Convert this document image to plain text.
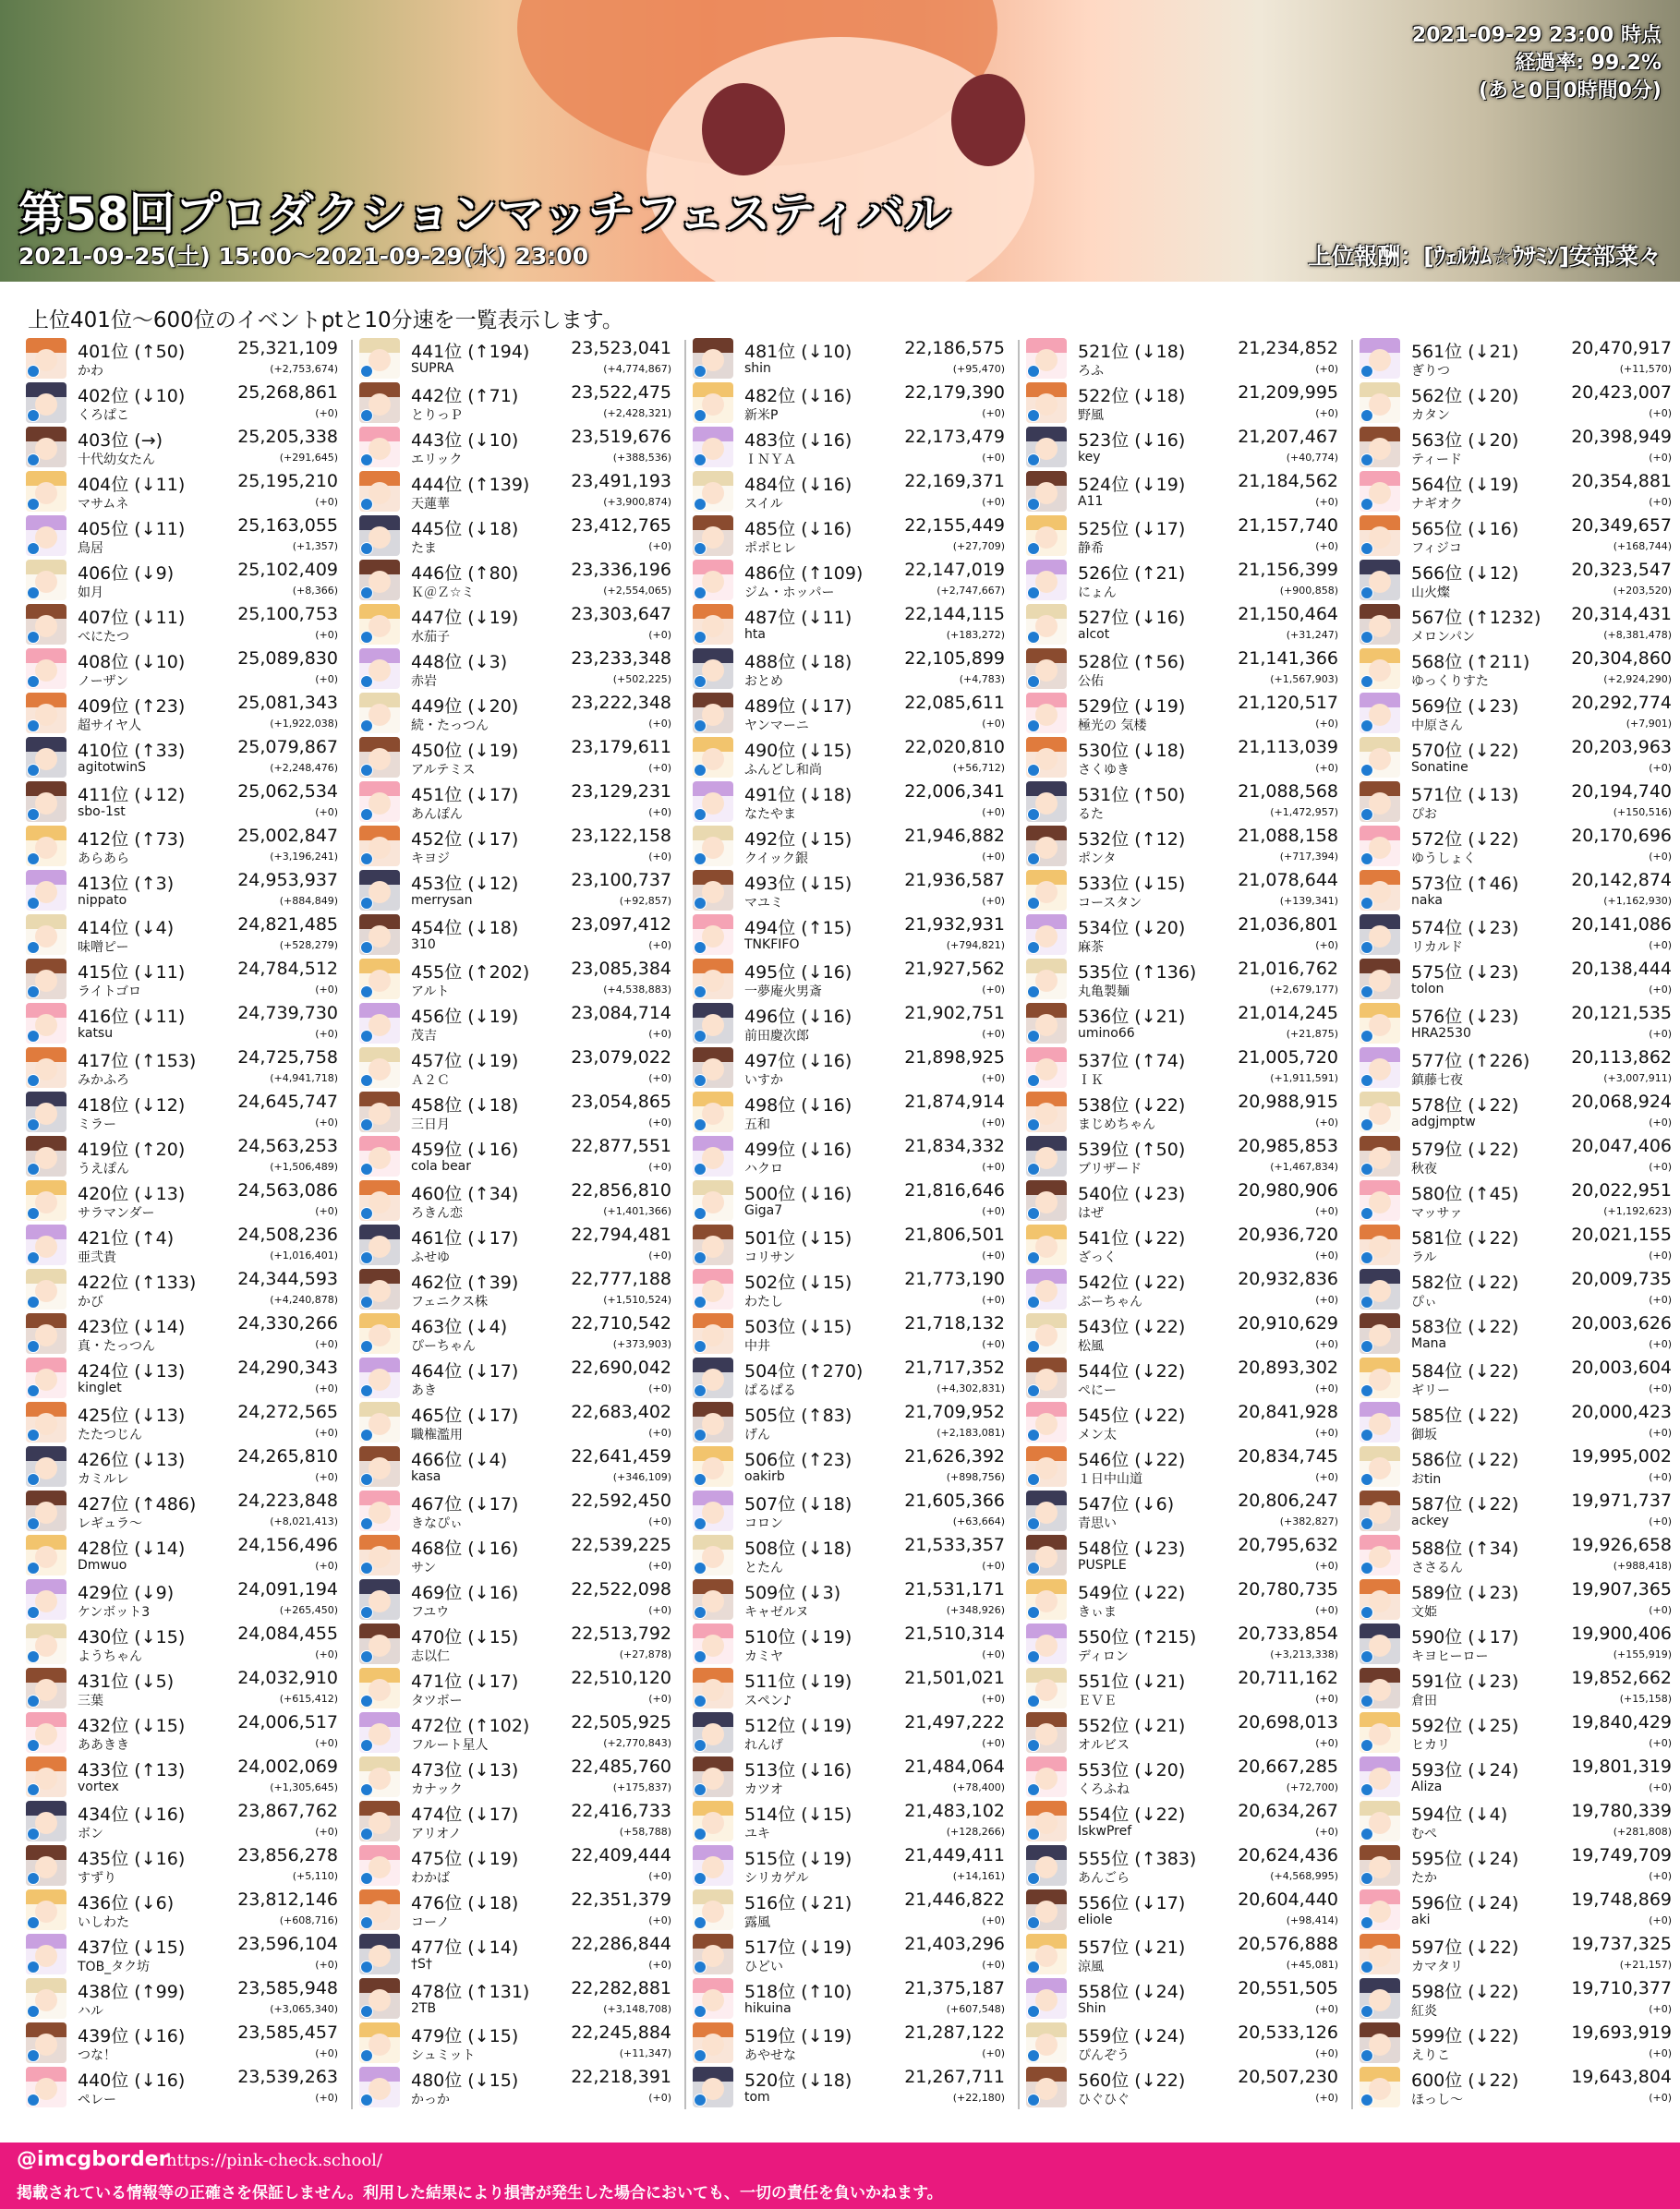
第58回プロダクションマッチフェスティバル
2021-09-25(土) 15:00～2021-09-29(水) 23:00	上位報酬：[ｳｪﾙｶﾑ☆ｳｻﾐﾝ]安部菜々
2021-09-29 23:00 時点
経過率: 99.2%
(あと0日0時間0分)
上位401位～600位のイベントptと10分速を一覧表示します。
401位 (↑50)	25,321,109
かわ	(+2,753,674)
402位 (↓10)	25,268,861
くろぱこ	(+0)
403位 (→)	25,205,338
十代幼女たん	(+291,645)
404位 (↓11)	25,195,210
マサムネ	(+0)
405位 (↓11)	25,163,055
鳥居	(+1,357)
406位 (↓9)	25,102,409
如月	(+8,366)
407位 (↓11)	25,100,753
べにたつ	(+0)
408位 (↓10)	25,089,830
ノーザン	(+0)
409位 (↑23)	25,081,343
超サイヤ人	(+1,922,038)
410位 (↑33)	25,079,867
agitotwinS	(+2,248,476)
411位 (↓12)	25,062,534
sbo-1st	(+0)
412位 (↑73)	25,002,847
あらあら	(+3,196,241)
413位 (↑3)	24,953,937
nippato	(+884,849)
414位 (↓4)	24,821,485
味噌ピー	(+528,279)
415位 (↓11)	24,784,512
ライトゴロ	(+0)
416位 (↓11)	24,739,730
katsu	(+0)
417位 (↑153) 24,725,758
みかふろ	(+4,941,718)
418位 (↓12)	24,645,747
ミラー	(+0)
419位 (↑20)	24,563,253
うえぽん	(+1,506,489)
420位 (↓13)	24,563,086
サラマンダー	(+0)
421位 (↑4)	24,508,236
亜弐貴	(+1,016,401)
422位 (↑133) 24,344,593
かび	(+4,240,878)
423位 (↓14)	24,330,266
真・たっつん	(+0)
424位 (↓13)	24,290,343
kinglet	(+0)
425位 (↓13)	24,272,565
たたつじん	(+0)
426位 (↓13)	24,265,810
カミルレ	(+0)
427位 (↑486) 24,223,848
レギュラ～	(+8,021,413)
428位 (↓14)	24,156,496
Dmwuo	(+0)
429位 (↓9)	24,091,194
ケンボット3	(+265,450)
430位 (↓15)	24,084,455
ようちゃん	(+0)
431位 (↓5)	24,032,910
三葉	(+615,412)
432位 (↓15)	24,006,517
ああきき	(+0)
433位 (↑13)	24,002,069
vortex	(+1,305,645)
434位 (↓16)	23,867,762
ボン	(+0)
435位 (↓16)	23,856,278
すずり	(+5,110)
436位 (↓6)	23,812,146
いしわた	(+608,716)
437位 (↓15)	23,596,104
TOB_タク坊	(+0)
438位 (↑99)	23,585,948
ハル	(+3,065,340)
439位 (↓16)	23,585,457
つな！	(+0)
440位 (↓16)	23,539,263
ペレー	(+0)
441位 (↑194) 23,523,041
SUPRA	(+4,774,867)
442位 (↑71)	23,522,475
とりっＰ	(+2,428,321)
443位 (↓10)	23,519,676
エリック	(+388,536)
444位 (↑139) 23,491,193
天蓮華	(+3,900,874)
445位 (↓18)	23,412,765
たま	(+0)
446位 (↑80)	23,336,196
Ｋ＠Ｚ☆ミ	(+2,554,065)
447位 (↓19)	23,303,647
水茄子	(+0)
448位 (↓3)	23,233,348
赤岩	(+502,225)
449位 (↓20)	23,222,348
続・たっつん	(+0)
450位 (↓19)	23,179,611
アルテミス	(+0)
451位 (↓17)	23,129,231
あんぽん	(+0)
452位 (↓17)	23,122,158
キヨジ	(+0)
453位 (↓12)	23,100,737
merrysan	(+92,857)
454位 (↓18)	23,097,412
310	(+0)
455位 (↑202) 23,085,384
アルト	(+4,538,883)
456位 (↓19)	23,084,714
茂吉	(+0)
457位 (↓19)	23,079,022
Ａ２Ｃ	(+0)
458位 (↓18)	23,054,865
三日月	(+0)
459位 (↓16)	22,877,551
cola bear	(+0)
460位 (↑34)	22,856,810
ろきん恋	(+1,401,366)
461位 (↓17)	22,794,481
ふせゆ	(+0)
462位 (↑39)	22,777,188
フェニクス株	(+1,510,524)
463位 (↓4)	22,710,542
ぴーちゃん	(+373,903)
464位 (↓17)	22,690,042
あき	(+0)
465位 (↓17)	22,683,402
職権濫用	(+0)
466位 (↓4)	22,641,459
kasa	(+346,109)
467位 (↓17)	22,592,450
きなぴぃ	(+0)
468位 (↓16)	22,539,225
サン	(+0)
469位 (↓16)	22,522,098
フユウ	(+0)
470位 (↓15)	22,513,792
志以仁	(+27,878)
471位 (↓17)	22,510,120
タツボー	(+0)
472位 (↑102) 22,505,925
フルート星人	(+2,770,843)
473位 (↓13)	22,485,760
カナック	(+175,837)
474位 (↓17)	22,416,733
アリオノ	(+58,788)
475位 (↓19)	22,409,444
わかば	(+0)
476位 (↓18)	22,351,379
コーノ	(+0)
477位 (↓14)	22,286,844
†S†	(+0)
478位 (↑131) 22,282,881
2TB	(+3,148,708)
479位 (↓15)	22,245,884
シュミット	(+11,347)
480位 (↓15)	22,218,391
かっか	(+0)
481位 (↓10)	22,186,575
shin	(+95,470)
482位 (↓16)	22,179,390
新米P	(+0)
483位 (↓16)	22,173,479
ＩＮＹＡ	(+0)
484位 (↓16)	22,169,371
スイル	(+0)
485位 (↓16)	22,155,449
ポポヒレ	(+27,709)
486位 (↑109) 22,147,019
ジム・ホッパー	(+2,747,667)
487位 (↓11)	22,144,115
hta	(+183,272)
488位 (↓18)	22,105,899
おとめ	(+4,783)
489位 (↓17)	22,085,611
ヤンマーニ	(+0)
490位 (↓15)	22,020,810
ふんどし和尚	(+56,712)
491位 (↓18)	22,006,341
なたやま	(+0)
492位 (↓15)	21,946,882
クイック銀	(+0)
493位 (↓15)	21,936,587
マユミ	(+0)
494位 (↑15)	21,932,931
TNKFIFO	(+794,821)
495位 (↓16)	21,927,562
一夢庵火男斎	(+0)
496位 (↓16)	21,902,751
前田慶次郎	(+0)
497位 (↓16)	21,898,925
いすか	(+0)
498位 (↓16)	21,874,914
五和	(+0)
499位 (↓16)	21,834,332
ハクロ	(+0)
500位 (↓16)	21,816,646
Giga7	(+0)
501位 (↓15)	21,806,501
コリサン	(+0)
502位 (↓15)	21,773,190
わたし	(+0)
503位 (↓15)	21,718,132
中井	(+0)
504位 (↑270) 21,717,352
ぱるぱる	(+4,302,831)
505位 (↑83)	21,709,952
げん	(+2,183,081)
506位 (↑23)	21,626,392
oakirb	(+898,756)
507位 (↓18)	21,605,366
コロン	(+63,664)
508位 (↓18)	21,533,357
とたん	(+0)
509位 (↓3)	21,531,171
キャゼルヌ	(+348,926)
510位 (↓19)	21,510,314
カミヤ	(+0)
511位 (↓19)	21,501,021
スペン♪	(+0)
512位 (↓19)	21,497,222
れんげ	(+0)
513位 (↓16)	21,484,064
カツオ	(+78,400)
514位 (↓15)	21,483,102
ユキ	(+128,266)
515位 (↓19)	21,449,411
シリカゲル	(+14,161)
516位 (↓21)	21,446,822
露風	(+0)
517位 (↓19)	21,403,296
ひどい	(+0)
518位 (↑10)	21,375,187
hikuina	(+607,548)
519位 (↓19)	21,287,122
あやせな	(+0)
520位 (↓18)	21,267,711
tom	(+22,180)
521位 (↓18)	21,234,852
ろふ	(+0)
522位 (↓18)	21,209,995
野風	(+0)
523位 (↓16)	21,207,467
key	(+40,774)
524位 (↓19)	21,184,562
A11	(+0)
525位 (↓17)	21,157,740
静希	(+0)
526位 (↑21)	21,156,399
にょん	(+900,858)
527位 (↓16)	21,150,464
alcot	(+31,247)
528位 (↑56)	21,141,366
公佑	(+1,567,903)
529位 (↓19)	21,120,517
極光の 気楼	(+0)
530位 (↓18)	21,113,039
さくゆき	(+0)
531位 (↑50)	21,088,568
るた	(+1,472,957)
532位 (↑12)	21,088,158
ポンタ	(+717,394)
533位 (↓15)	21,078,644
コースタン	(+139,341)
534位 (↓20)	21,036,801
麻茶	(+0)
535位 (↑136) 21,016,762
丸亀製麺	(+2,679,177)
536位 (↓21)	21,014,245
umino66	(+21,875)
537位 (↑74)	21,005,720
ＩＫ	(+1,911,591)
538位 (↓22)	20,988,915
まじめちゃん	(+0)
539位 (↑50)	20,985,853
ブリザード	(+1,467,834)
540位 (↓23)	20,980,906
はぜ	(+0)
541位 (↓22)	20,936,720
ざっく	(+0)
542位 (↓22)	20,932,836
ぶーちゃん	(+0)
543位 (↓22)	20,910,629
松風	(+0)
544位 (↓22)	20,893,302
ぺにー	(+0)
545位 (↓22)	20,841,928
メン太	(+0)
546位 (↓22)	20,834,745
１日中山道	(+0)
547位 (↓6)	20,806,247
青思い	(+382,827)
548位 (↓23)	20,795,632
PUSPLE	(+0)
549位 (↓22)	20,780,735
きぃま	(+0)
550位 (↑215) 20,733,854
ディロン	(+3,213,338)
551位 (↓21)	20,711,162
ＥＶＥ	(+0)
552位 (↓21)	20,698,013
オルビス	(+0)
553位 (↓20)	20,667,285
くろふね	(+72,700)
554位 (↓22)	20,634,267
IskwPref	(+0)
555位 (↑383) 20,624,436
あんごら	(+4,568,995)
556位 (↓17)	20,604,440
eliole	(+98,414)
557位 (↓21)	20,576,888
涼風	(+45,081)
558位 (↓24)	20,551,505
Shin	(+0)
559位 (↓24)	20,533,126
ぴんぞう	(+0)
560位 (↓22)	20,507,230
ひぐひぐ	(+0)
561位 (↓21)	20,470,917
ぎりつ	(+11,570)
562位 (↓20)	20,423,007
カタン	(+0)
563位 (↓20)	20,398,949
ティード	(+0)
564位 (↓19)	20,354,881
ナギオク	(+0)
565位 (↓16)	20,349,657
フィジコ	(+168,744)
566位 (↓12)	20,323,547
山火燦	(+203,520)
567位 (↑1232) 20,314,431
メロンパン	(+8,381,478)
568位 (↑211) 20,304,860
ゆっくりすた	(+2,924,290)
569位 (↓23)	20,292,774
中原さん	(+7,901)
570位 (↓22)	20,203,963
Sonatine	(+0)
571位 (↓13)	20,194,740
ぴお	(+150,516)
572位 (↓22)	20,170,696
ゆうしょく	(+0)
573位 (↑46)	20,142,874
naka	(+1,162,930)
574位 (↓23)	20,141,086
リカルド	(+0)
575位 (↓23)	20,138,444
tolon	(+0)
576位 (↓23)	20,121,535
HRA2530	(+0)
577位 (↑226) 20,113,862
鎮藤七夜	(+3,007,911)
578位 (↓22)	20,068,924
adgjmptw	(+0)
579位 (↓22)	20,047,406
秋夜	(+0)
580位 (↑45)	20,022,951
マッサァ	(+1,192,623)
581位 (↓22)	20,021,155
ラル	(+0)
582位 (↓22)	20,009,735
ぴぃ	(+0)
583位 (↓22)	20,003,626
Mana	(+0)
584位 (↓22)	20,003,604
ギリー	(+0)
585位 (↓22)	20,000,423
御坂	(+0)
586位 (↓22)	19,995,002
おtin	(+0)
587位 (↓22)	19,971,737
ackey	(+0)
588位 (↑34)	19,926,658
ささるん	(+988,418)
589位 (↓23)	19,907,365
文姫	(+0)
590位 (↓17)	19,900,406
キヨヒーロー	(+155,919)
591位 (↓23)	19,852,662
倉田	(+15,158)
592位 (↓25)	19,840,429
ヒカリ	(+0)
593位 (↓24)	19,801,319
Aliza	(+0)
594位 (↓4)	19,780,339
むぺ	(+281,808)
595位 (↓24)	19,749,709
たか	(+0)
596位 (↓24)	19,748,869
aki	(+0)
597位 (↓22)	19,737,325
カマタリ	(+21,157)
598位 (↓22)	19,710,377
紅炎	(+0)
599位 (↓22)	19,693,919
えりこ	(+0)
600位 (↓22)	19,643,804
ほっし～	(+0)
@imcgborder
https://pink-check.school/
掲載されている情報等の正確さを保証しません。利用した結果により損害が発生した場合においても、一切の責任を負いかねます。
